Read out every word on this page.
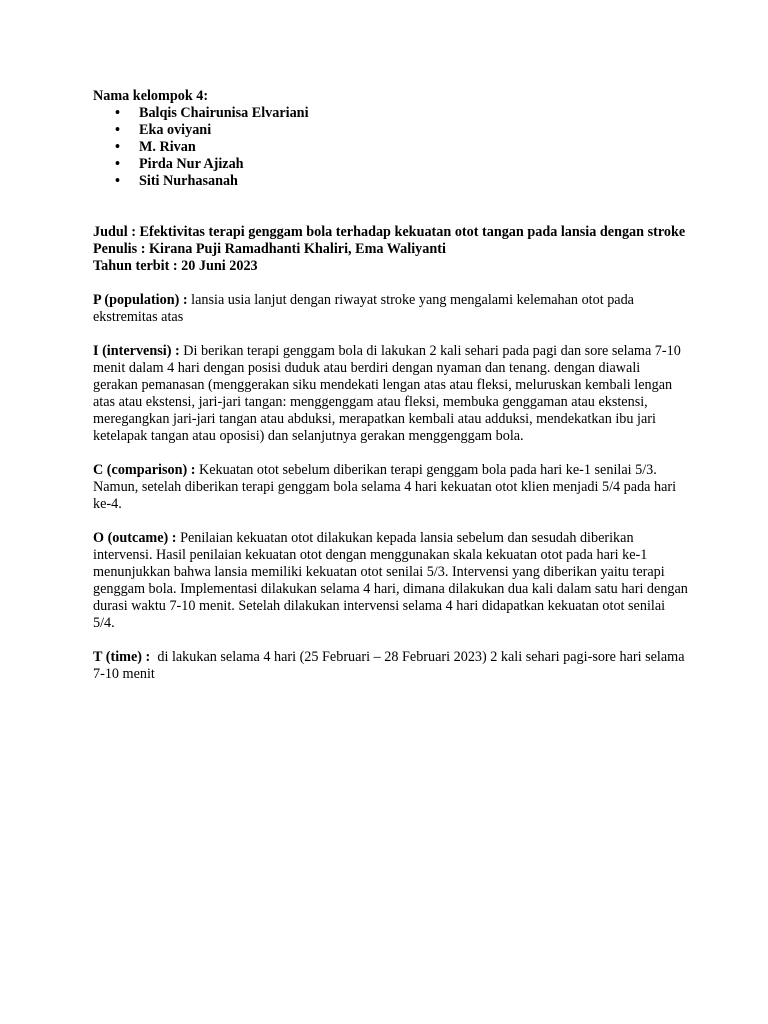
Nama kelompok 4:

• Balqis Chairunisa Elvariani
• Eka oviyani
• M. Rivan
• Pirda Nur Ajizah
• Siti Nurhasanah

Judul : Efektivitas terapi genggam bola terhadap kekuatan otot tangan pada lansia dengan stroke

Penulis : Kirana Puji Ramadhanti Khaliri, Ema Waliyanti

Tahun terbit : 20 Juni 2023

P (population) : lansia usia lanjut dengan riwayat stroke yang mengalami kelemahan otot pada ekstremitas atas

I (intervensi) : Di berikan terapi genggam bola di lakukan 2 kali sehari pada pagi dan sore selama 7-10 menit dalam 4 hari dengan posisi duduk atau berdiri dengan nyaman dan tenang. dengan diawali gerakan pemanasan (menggerakan siku mendekati lengan atas atau fleksi, meluruskan kembali lengan atas atau ekstensi, jari-jari tangan: menggenggam atau fleksi, membuka genggaman atau ekstensi, meregangkan jari-jari tangan atau abduksi, merapatkan kembali atau adduksi, mendekatkan ibu jari ketelapak tangan atau oposisi) dan selanjutnya gerakan menggenggam bola.

C (comparison) : Kekuatan otot sebelum diberikan terapi genggam bola pada hari ke-1 senilai 5/3. Namun, setelah diberikan terapi genggam bola selama 4 hari kekuatan otot klien menjadi 5/4 pada hari ke-4.

O (outcame) : Penilaian kekuatan otot dilakukan kepada lansia sebelum dan sesudah diberikan intervensi. Hasil penilaian kekuatan otot dengan menggunakan skala kekuatan otot pada hari ke-1 menunjukkan bahwa lansia memiliki kekuatan otot senilai 5/3. Intervensi yang diberikan yaitu terapi genggam bola. Implementasi dilakukan selama 4 hari, dimana dilakukan dua kali dalam satu hari dengan durasi waktu 7-10 menit. Setelah dilakukan intervensi selama 4 hari didapatkan kekuatan otot senilai 5/4.

T (time) : di lakukan selama 4 hari (25 Februari – 28 Februari 2023) 2 kali sehari pagi-sore hari selama 7-10 menit
